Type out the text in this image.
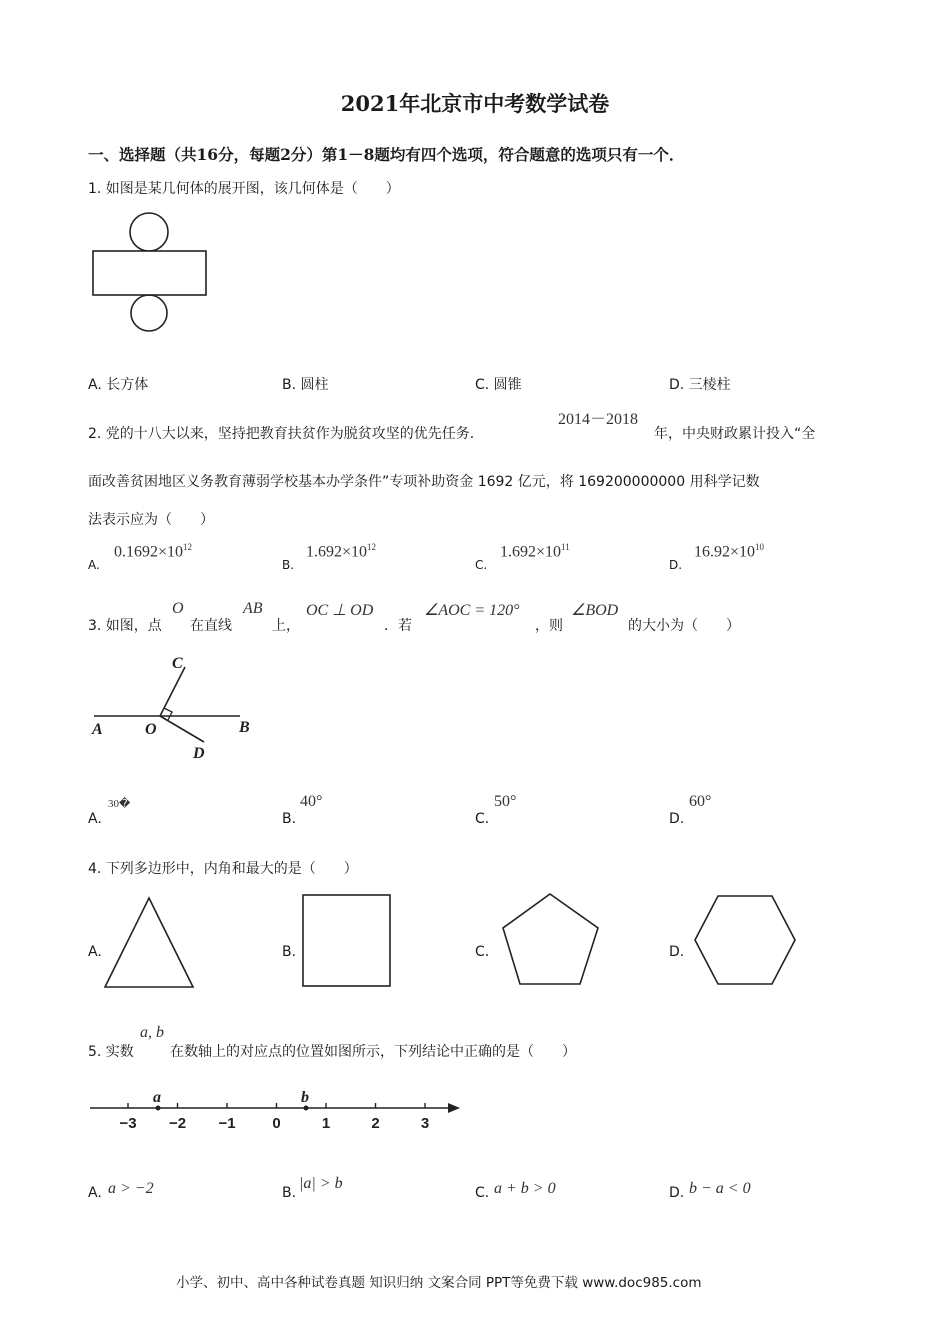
2021年北京市中考数学试卷
一、选择题（共16分，每题2分）第1－8题均有四个选项，符合题意的选项只有一个．
1. 如图是某几何体的展开图，该几何体是（　　）
A. 长方体	B. 圆柱	C. 圆锥	D. 三棱柱
2. 党的十八大以来，坚持把教育扶贫作为脱贫攻坚的优先任务．
2014－2018
年，中央财政累计投入“全
面改善贫困地区义务教育薄弱学校基本办学条件”专项补助资金 1692 亿元，将 169200000000 用科学记数
法表示应为（　　）
A.
$0.1692\times 10^{12}$
B.
$1.692\times 10^{12}$
C.
$1.692\times 10^{11}$
D.
$16.92\times 10^{10}$
3. 如图，点
O
在直线
AB
上，
OC ⊥ OD
．若
∠AOC = 120°
，则
∠BOD
的大小为（　　）
C
A	O	B
D
A.
30�
B.
40°
C.
50°
D.
60°
4. 下列多边形中，内角和最大的是（　　）
A.	B.	C.	D.
5. 实数
a, b
在数轴上的对应点的位置如图所示，下列结论中正确的是（　　）
−3 −2 −1 0	1	2	3
a	b
A. a > −2	B.
|a| > b
C. a + b > 0	D. b − a < 0
小学、初中、高中各种试卷真题 知识归纳 文案合同 PPT等免费下载 www.doc985.com
